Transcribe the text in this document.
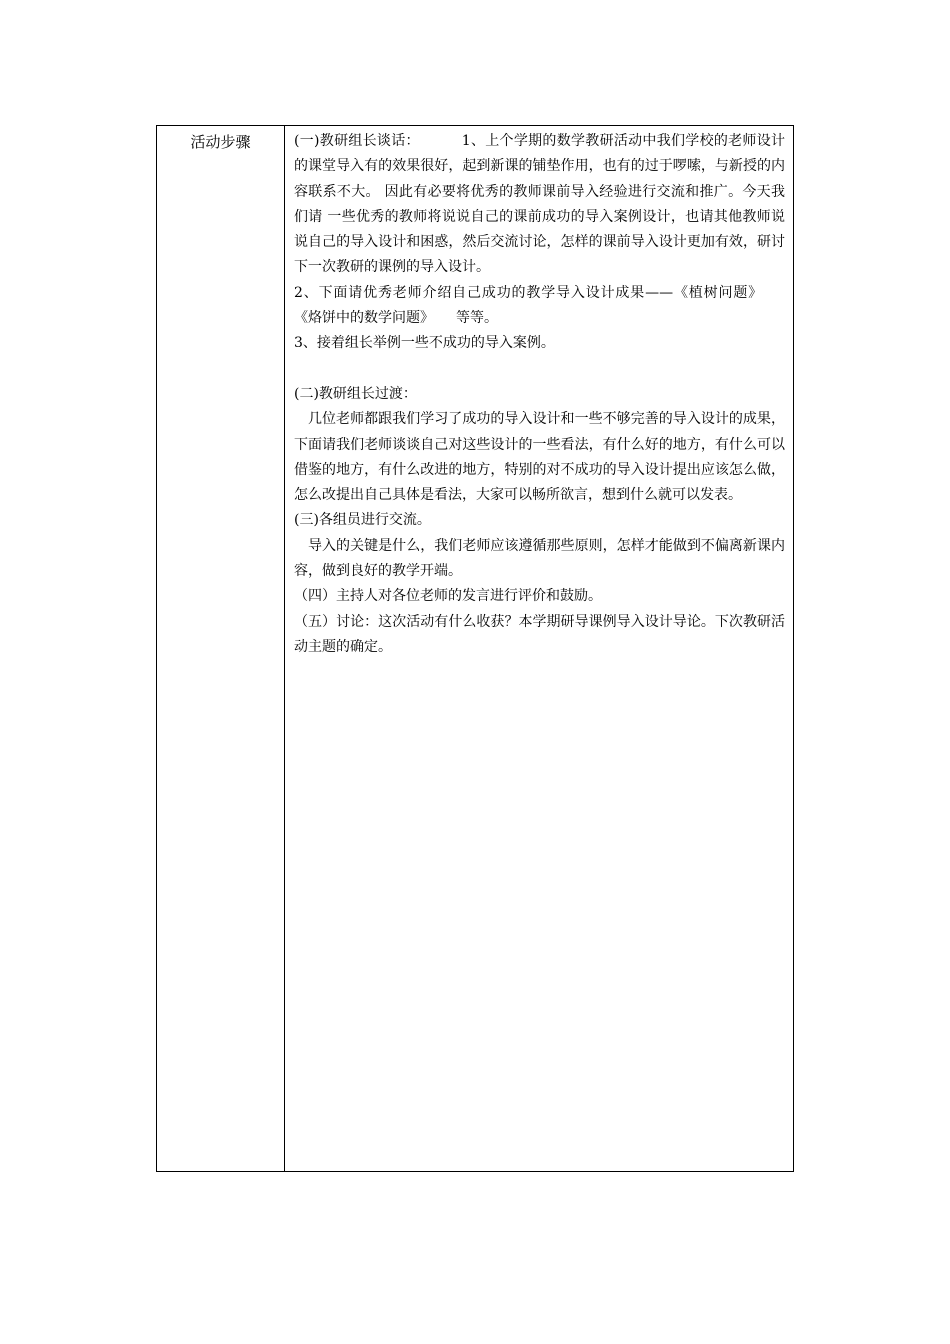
活动步骤	(一)教研组长谈话：	1、上个学期的数学教研活动中我们学校的老师设计的课堂导入有的效果很好，起到新课的铺垫作用，也有的过于啰嗦，与新授的内容联系不大。 因此有必要将优秀的教师课前导入经验进行交流和推广。今天我们请 一些优秀的教师将说说自己的课前成功的导入案例设计，也请其他教师说说自己的导入设计和困惑，然后交流讨论，怎样的课前导入设计更加有效，研讨下一次教研的课例的导入设计。

2、下面请优秀老师介绍自己成功的教学导入设计成果——《植树问题》《烙饼中的数学问题》 等等。

3、接着组长举例一些不成功的导入案例。

(二)教研组长过渡：

几位老师都跟我们学习了成功的导入设计和一些不够完善的导入设计的成果，下面请我们老师谈谈自己对这些设计的一些看法，有什么好的地方，有什么可以借鉴的地方，有什么改进的地方，特别的对不成功的导入设计提出应该怎么做，怎么改提出自己具体是看法，大家可以畅所欲言，想到什么就可以发表。

(三)各组员进行交流。

导入的关键是什么，我们老师应该遵循那些原则，怎样才能做到不偏离新课内容，做到良好的教学开端。

（四）主持人对各位老师的发言进行评价和鼓励。

（五）讨论：这次活动有什么收获？本学期研导课例导入设计导论。下次教研活动主题的确定。
